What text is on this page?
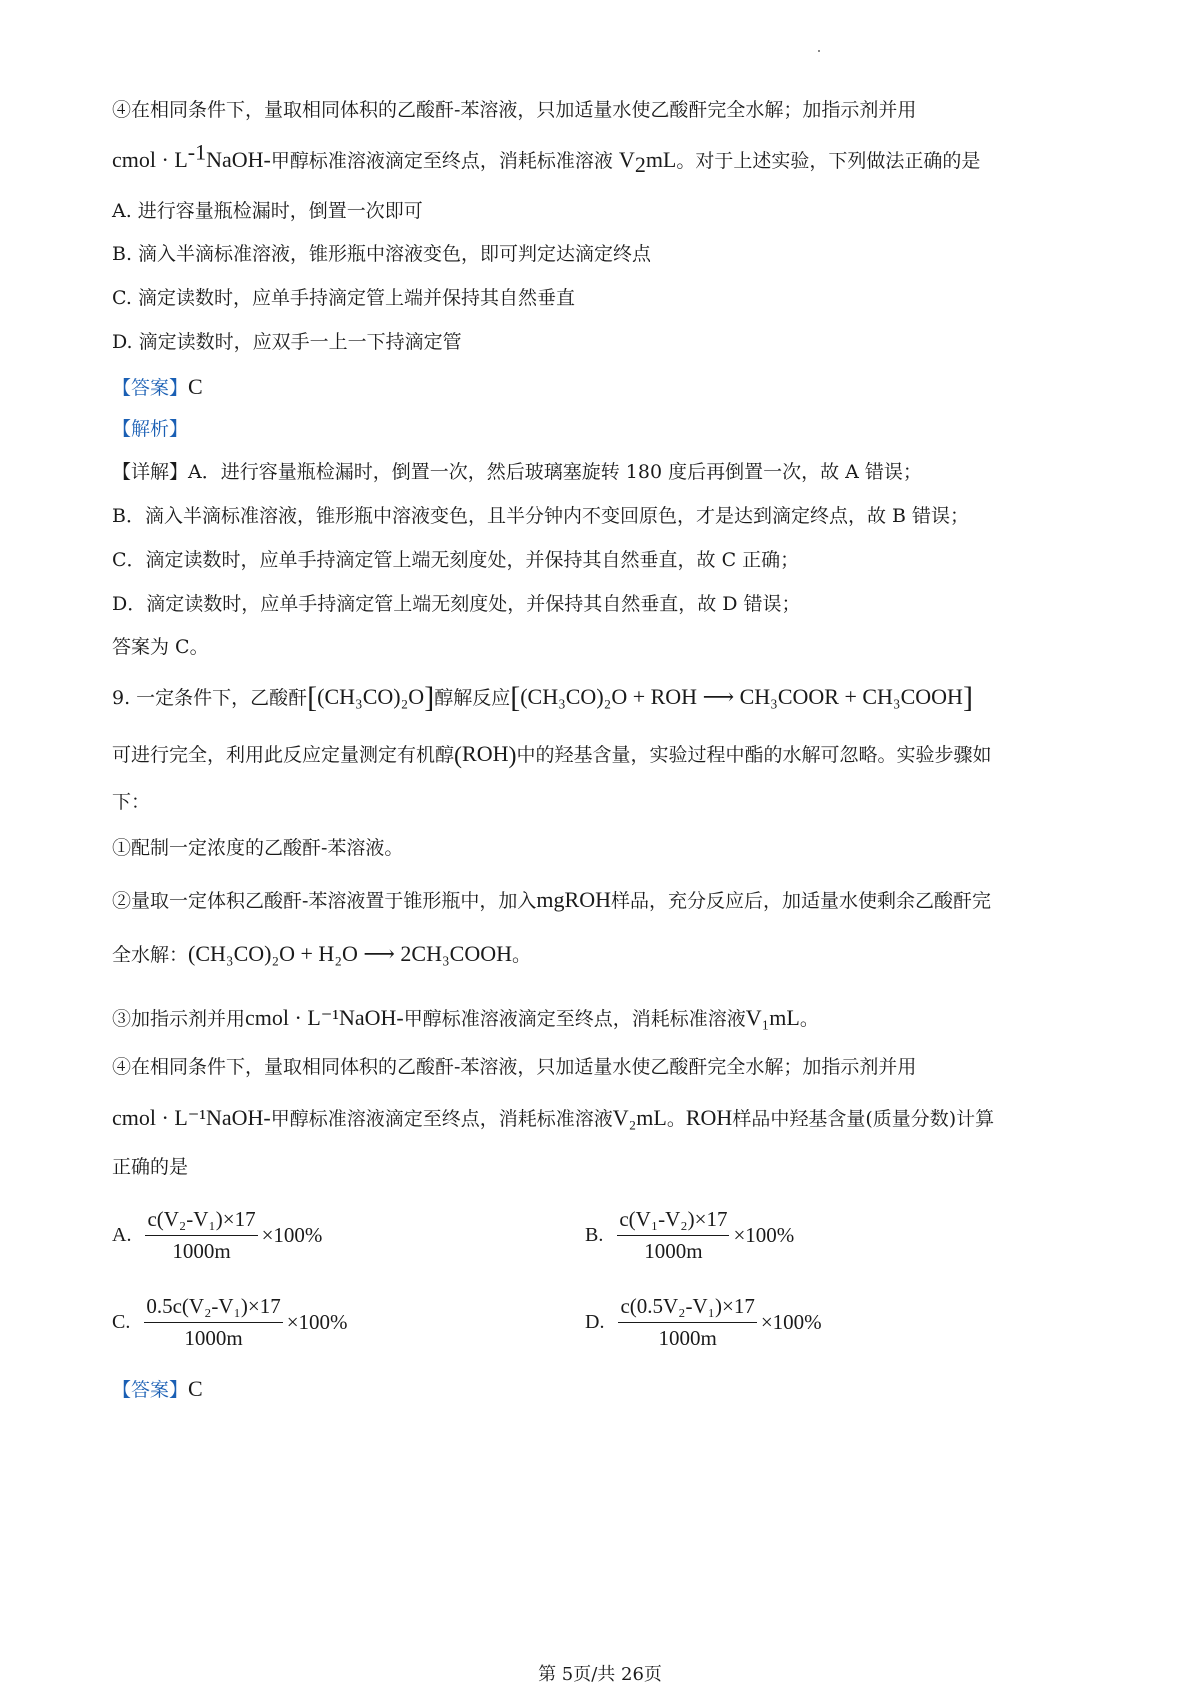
④在相同条件下，量取相同体积的乙酸酐-苯溶液，只加适量水使乙酸酐完全水解；加指示剂并用
cmol · $L^{-1}NaOH-$甲醇标准溶液滴定至终点，消耗标准溶液 $V_2mL$。对于上述实验，下列做法正确的是
A. 进行容量瓶检漏时，倒置一次即可
B. 滴入半滴标准溶液，锥形瓶中溶液变色，即可判定达滴定终点
C. 滴定读数时，应单手持滴定管上端并保持其自然垂直
D. 滴定读数时，应双手一上一下持滴定管
【答案】C
【解析】
【详解】A．进行容量瓶检漏时，倒置一次，然后玻璃塞旋转 180 度后再倒置一次，故 A 错误；
B．滴入半滴标准溶液，锥形瓶中溶液变色，且半分钟内不变回原色，才是达到滴定终点，故 B 错误；
C．滴定读数时，应单手持滴定管上端无刻度处，并保持其自然垂直，故 C 正确；
D．滴定读数时，应单手持滴定管上端无刻度处，并保持其自然垂直，故 D 错误；
答案为 C。
9. 一定条件下，乙酸酐[(CH₃CO)₂O]醇解反应[(CH₃CO)₂O + ROH ⟶ CH₃COOR + CH₃COOH]
可进行完全，利用此反应定量测定有机醇(ROH)中的羟基含量，实验过程中酯的水解可忽略。实验步骤如
下：
①配制一定浓度的乙酸酐-苯溶液。
②量取一定体积乙酸酐-苯溶液置于锥形瓶中，加入mgROH样品，充分反应后，加适量水使剩余乙酸酐完
全水解：(CH₃CO)₂O + H₂O ⟶ 2CH₃COOH。
③加指示剂并用cmol · L⁻¹NaOH-甲醇标准溶液滴定至终点，消耗标准溶液V₁mL。
④在相同条件下，量取相同体积的乙酸酐-苯溶液，只加适量水使乙酸酐完全水解；加指示剂并用
cmol · L⁻¹NaOH-甲醇标准溶液滴定至终点，消耗标准溶液V₂mL。ROH样品中羟基含量(质量分数)计算
正确的是
A. $\frac{\text{c(V₂-V₁)×17}}{1000m} \times 100\%$	B. $\frac{\text{c(V₁-V₂)×17}}{1000m} \times 100\%$
C. $\frac{\text{0.5c(V₂-V₁)×17}}{1000m} \times 100\%$	D. $\frac{\text{c(0.5V₂-V₁)×17}}{1000m} \times 100\%$
【答案】C
第 5页/共 26页
